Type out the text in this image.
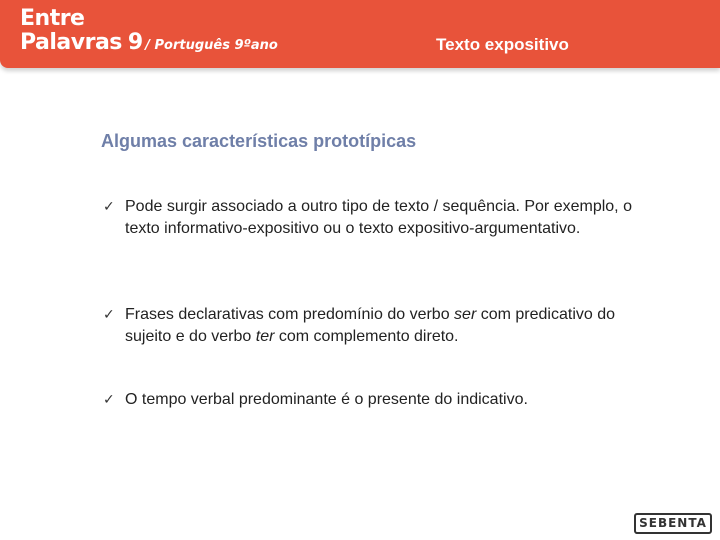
Entre
Palavras 9 / Português 9ºano	Texto expositivo
Algumas características prototípicas
✓ Pode surgir associado a outro tipo de texto / sequência. Por exemplo, o texto informativo-expositivo ou o texto expositivo-argumentativo.
✓ Frases declarativas com predomínio do verbo ser com predicativo do sujeito e do verbo ter com complemento direto.
✓ O tempo verbal predominante é o presente do indicativo.
SEBENTA
